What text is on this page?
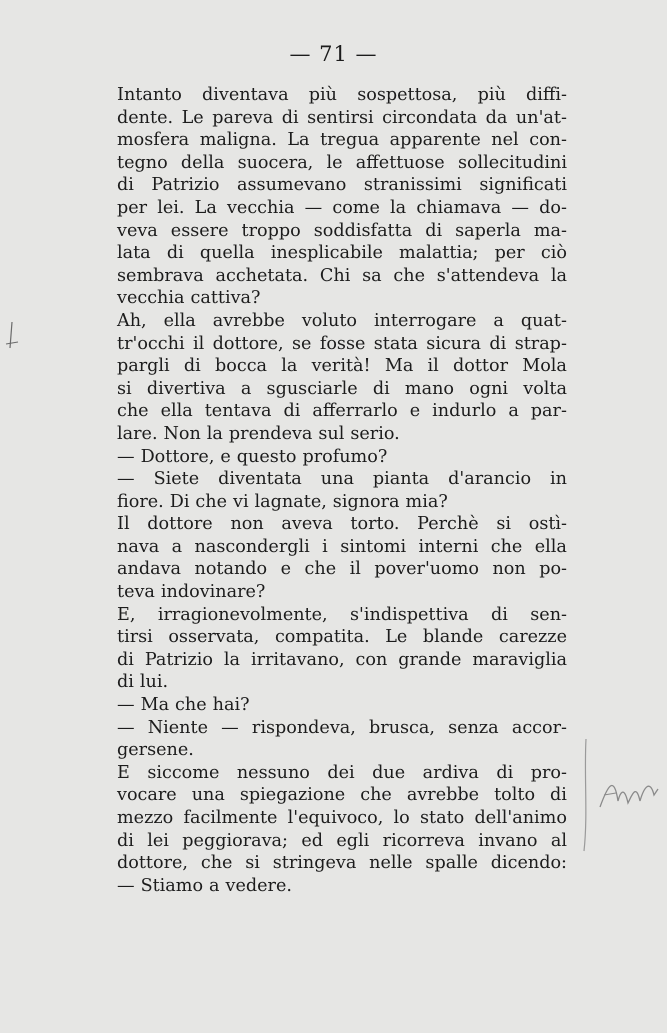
— 71 —
Intanto diventava più sospettosa, più diffi-
dente. Le pareva di sentirsi circondata da un'at-
mosfera maligna. La tregua apparente nel con-
tegno della suocera, le affettuose sollecitudini
di Patrizio assumevano stranissimi significati
per lei. La vecchia — come la chiamava — do-
veva essere troppo soddisfatta di saperla ma-
lata di quella inesplicabile malattia; per ciò
sembrava acchetata. Chi sa che s'attendeva la
vecchia cattiva?
Ah, ella avrebbe voluto interrogare a quat-
tr'occhi il dottore, se fosse stata sicura di strap-
pargli di bocca la verità! Ma il dottor Mola
si divertiva a sgusciarle di mano ogni volta
che ella tentava di afferrarlo e indurlo a par-
lare. Non la prendeva sul serio.
— Dottore, e questo profumo?
— Siete diventata una pianta d'arancio in
fiore. Di che vi lagnate, signora mia?
Il dottore non aveva torto. Perchè si ostì-
nava a nascondergli i sintomi interni che ella
andava notando e che il pover'uomo non po-
teva indovinare?
E, irragionevolmente, s'indispettiva di sen-
tirsi osservata, compatita. Le blande carezze
di Patrizio la irritavano, con grande maraviglia
di lui.
— Ma che hai?
— Niente — rispondeva, brusca, senza accor-
gersene.
E siccome nessuno dei due ardiva di pro-
vocare una spiegazione che avrebbe tolto di
mezzo facilmente l'equivoco, lo stato dell'animo
di lei peggiorava; ed egli ricorreva invano al
dottore, che si stringeva nelle spalle dicendo:
— Stiamo a vedere.
